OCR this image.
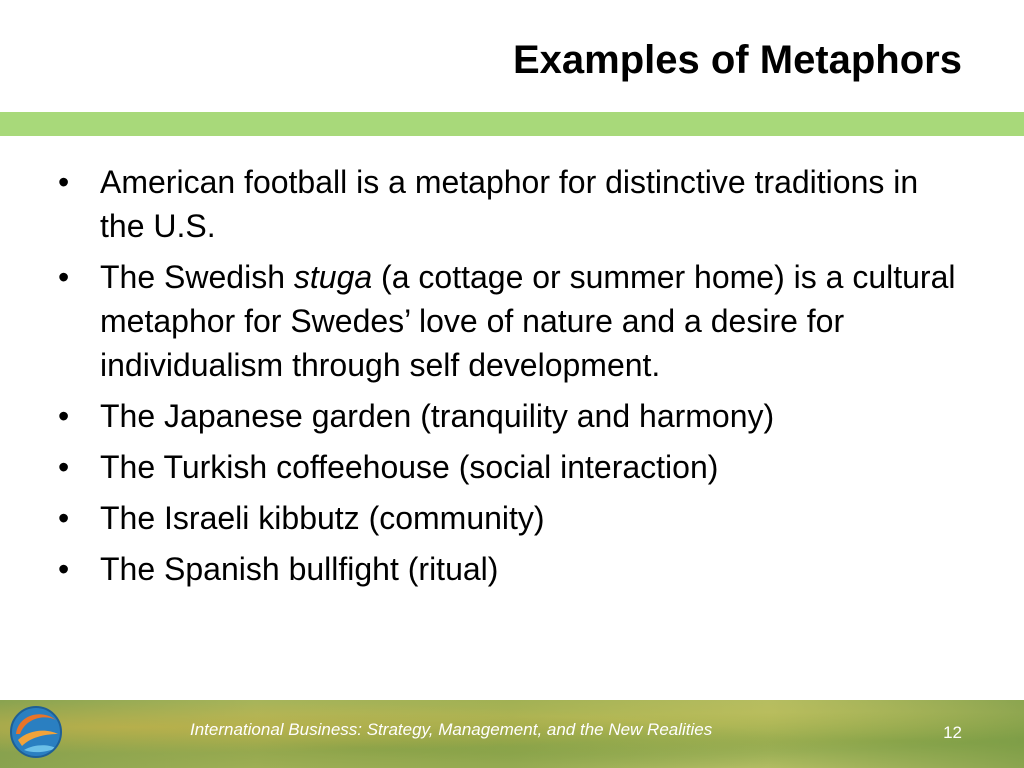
Examples of Metaphors
• American football is a metaphor for distinctive traditions in the U.S.
• The Swedish stuga (a cottage or summer home) is a cultural metaphor for Swedes’ love of nature and a desire for individualism through self development.
• The Japanese garden (tranquility and harmony)
• The Turkish coffeehouse (social interaction)
• The Israeli kibbutz (community)
• The Spanish bullfight (ritual)
International Business: Strategy, Management, and the New Realities	12
